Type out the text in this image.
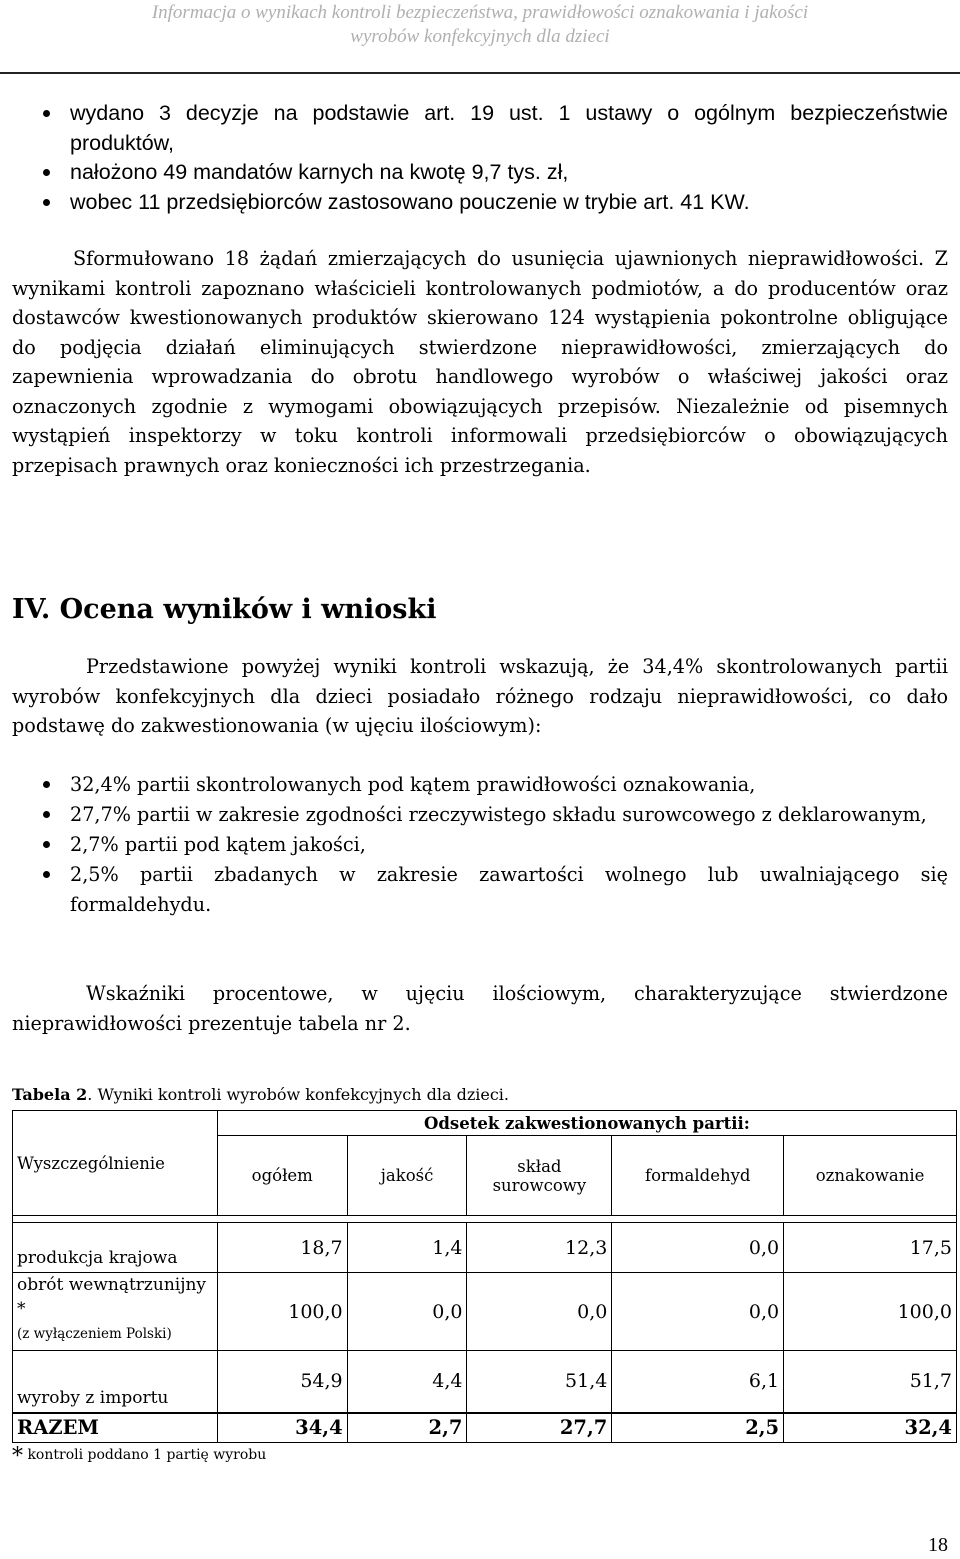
Informacja o wynikach kontroli bezpieczeństwa, prawidłowości oznakowania i jakości
wyrobów konfekcyjnych dla dzieci
wydano 3 decyzje na podstawie art. 19 ust. 1 ustawy o ogólnym bezpieczeństwie produktów,
nałożono 49 mandatów karnych na kwotę 9,7 tys. zł,
wobec 11 przedsiębiorców zastosowano pouczenie w trybie art. 41 KW.

Sformułowano 18 żądań zmierzających do usunięcia ujawnionych nieprawidłowości. Z wynikami kontroli zapoznano właścicieli kontrolowanych podmiotów, a do producentów oraz dostawców kwestionowanych produktów skierowano 124 wystąpienia pokontrolne obligujące do podjęcia działań eliminujących stwierdzone nieprawidłowości, zmierzających do zapewnienia wprowadzania do obrotu handlowego wyrobów o właściwej jakości oraz oznaczonych zgodnie z wymogami obowiązujących przepisów. Niezależnie od pisemnych wystąpień inspektorzy w toku kontroli informowali przedsiębiorców o obowiązujących przepisach prawnych oraz konieczności ich przestrzegania.

IV. Ocena wyników i wnioski

Przedstawione powyżej wyniki kontroli wskazują, że 34,4% skontrolowanych partii wyrobów konfekcyjnych dla dzieci posiadało różnego rodzaju nieprawidłowości, co dało podstawę do zakwestionowania (w ujęciu ilościowym):

32,4% partii skontrolowanych pod kątem prawidłowości oznakowania,
27,7% partii w zakresie zgodności rzeczywistego składu surowcowego z deklarowanym,
2,7% partii pod kątem jakości,
2,5% partii zbadanych w zakresie zawartości wolnego lub uwalniającego się formaldehydu.

Wskaźniki procentowe, w ujęciu ilościowym, charakteryzujące stwierdzone nieprawidłowości prezentuje tabela nr 2.

Tabela 2. Wyniki kontroli wyrobów konfekcyjnych dla dzieci.
Wyszczególnienie	Odsetek zakwestionowanych partii:				
	ogółem	jakość	skład surowcowy	formaldehyd	oznakowanie

produkcja krajowa	18,7	1,4	12,3	0,0	17,5
obrót wewnątrzunijny *
(z wyłączeniem Polski)	100,0	0,0	0,0	0,0	100,0
wyroby z importu	54,9	4,4	51,4	6,1	51,7
RAZEM	34,4	2,7	27,7	2,5	32,4
* kontroli poddano 1 partię wyrobu
18
